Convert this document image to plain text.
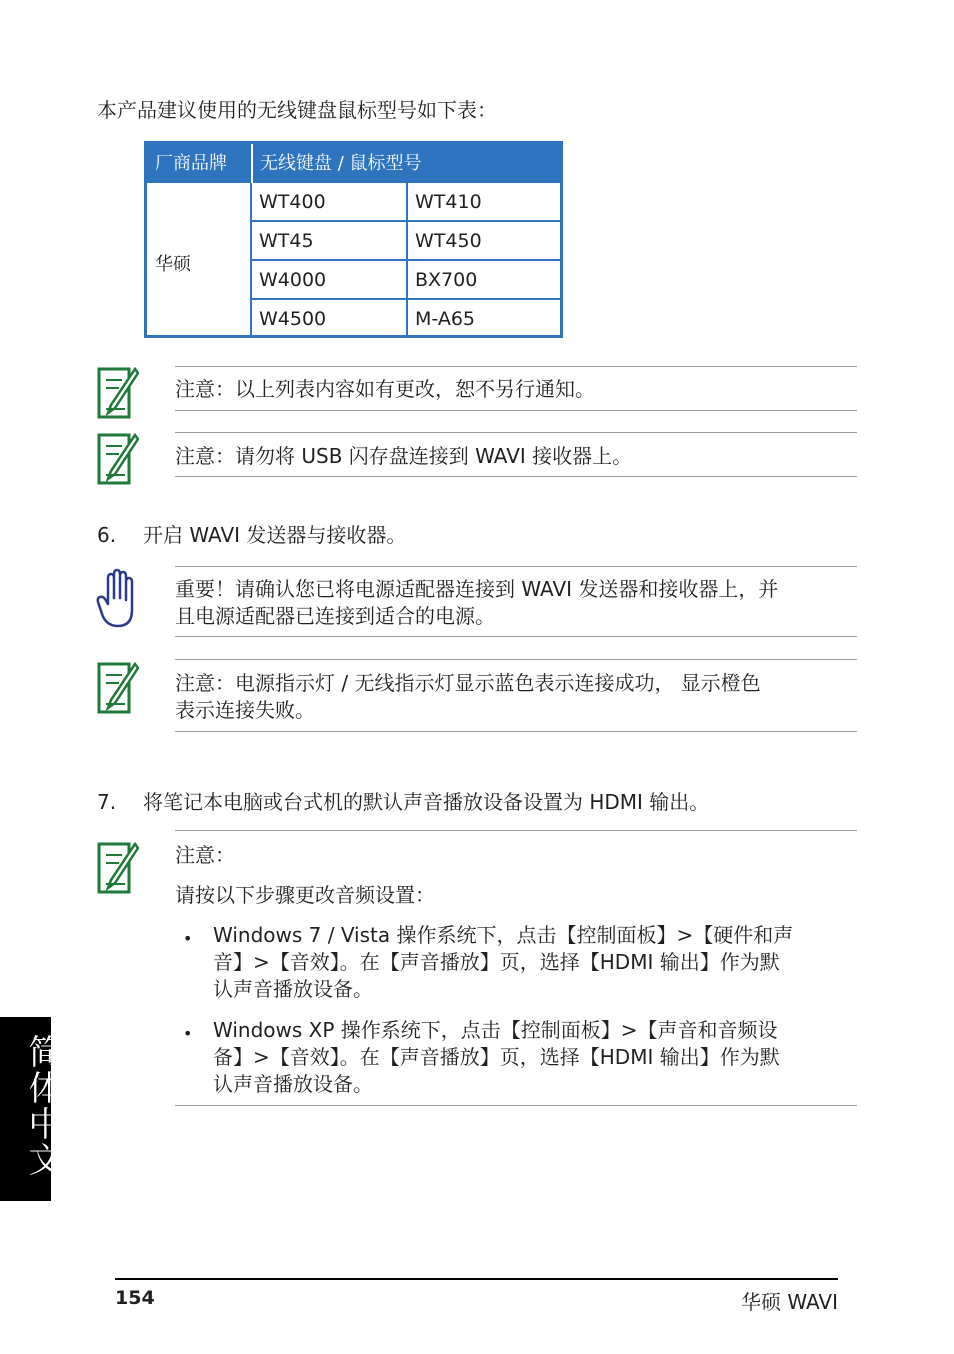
本产品建议使用的无线键盘鼠标型号如下表：
厂商品牌 无线键盘 / 鼠标型号
华硕
WT400	WT410
WT45	WT450
W4000	BX700
W4500	M-A65
注意：以上列表内容如有更改，恕不另行通知。
注意：请勿将 USB 闪存盘连接到 WAVI 接收器上。
6. 开启 WAVI 发送器与接收器。
重要！请确认您已将电源适配器连接到 WAVI 发送器和接收器上，并
且电源适配器已连接到适合的电源。
注意：电源指示灯 / 无线指示灯显示蓝色表示连接成功， 显示橙色
表示连接失败。
7. 将笔记本电脑或台式机的默认声音播放设备设置为 HDMI 输出。
注意：
请按以下步骤更改音频设置：
• Windows 7 / Vista 操作系统下，点击【控制面板】>【硬件和声
音】>【音效】。在【声音播放】页，选择【HDMI 输出】作为默
认声音播放设备。
• Windows XP 操作系统下，点击【控制面板】>【声音和音频设
备】>【音效】。在【声音播放】页，选择【HDMI 输出】作为默
认声音播放设备。
简体中文
154	华硕 WAVI
